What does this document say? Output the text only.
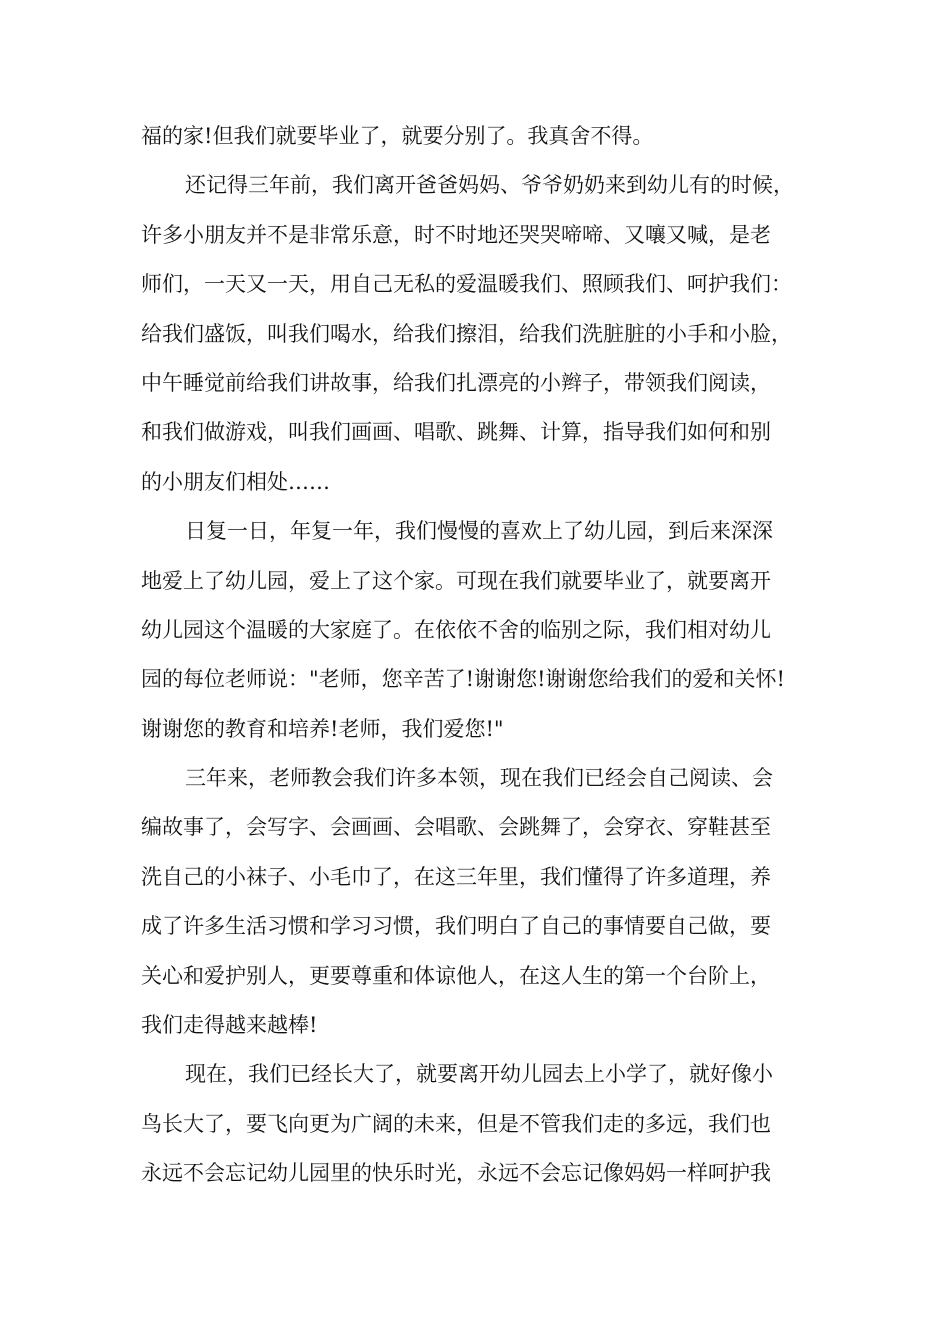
福的家!但我们就要毕业了，就要分别了。我真舍不得。
还记得三年前，我们离开爸爸妈妈、爷爷奶奶来到幼儿有的时候，
许多小朋友并不是非常乐意，时不时地还哭哭啼啼、又嚷又喊，是老
师们，一天又一天，用自己无私的爱温暖我们、照顾我们、呵护我们：
给我们盛饭，叫我们喝水，给我们擦泪，给我们洗脏脏的小手和小脸，
中午睡觉前给我们讲故事，给我们扎漂亮的小辫子，带领我们阅读，
和我们做游戏，叫我们画画、唱歌、跳舞、计算，指导我们如何和别
的小朋友们相处……
日复一日，年复一年，我们慢慢的喜欢上了幼儿园，到后来深深
地爱上了幼儿园，爱上了这个家。可现在我们就要毕业了，就要离开
幼儿园这个温暖的大家庭了。在依依不舍的临别之际，我们相对幼儿
园的每位老师说："老师，您辛苦了!谢谢您!谢谢您给我们的爱和关怀!
谢谢您的教育和培养!老师，我们爱您!"
三年来，老师教会我们许多本领，现在我们已经会自己阅读、会
编故事了，会写字、会画画、会唱歌、会跳舞了，会穿衣、穿鞋甚至
洗自己的小袜子、小毛巾了，在这三年里，我们懂得了许多道理，养
成了许多生活习惯和学习习惯，我们明白了自己的事情要自己做，要
关心和爱护别人，更要尊重和体谅他人，在这人生的第一个台阶上，
我们走得越来越棒!
现在，我们已经长大了，就要离开幼儿园去上小学了，就好像小
鸟长大了，要飞向更为广阔的未来，但是不管我们走的多远，我们也
永远不会忘记幼儿园里的快乐时光，永远不会忘记像妈妈一样呵护我
